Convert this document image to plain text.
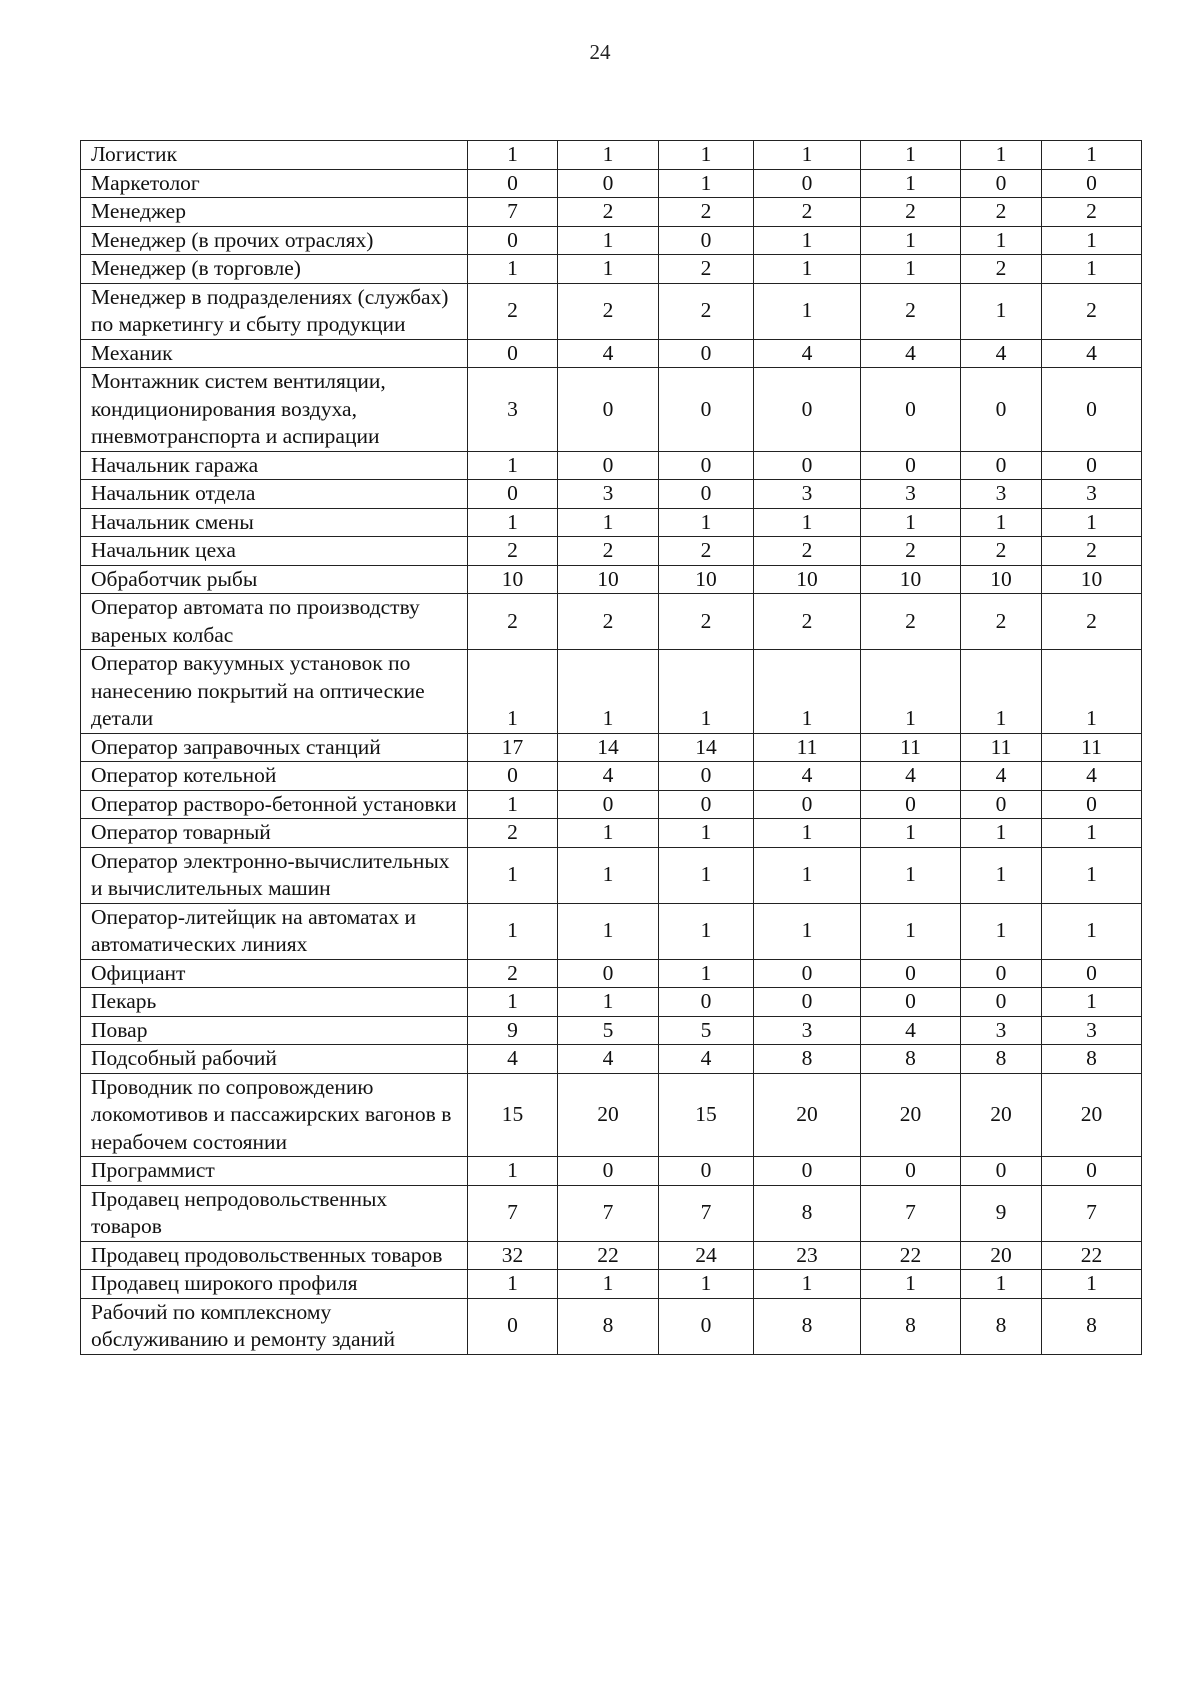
24
Логистик	1	1	1	1	1	1	1
Маркетолог	0	0	1	0	1	0	0
Менеджер	7	2	2	2	2	2	2
Менеджер (в прочих отраслях)	0	1	0	1	1	1	1
Менеджер (в торговле)	1	1	2	1	1	2	1
Менеджер в подразделениях (службах) по маркетингу и сбыту продукции	2	2	2	1	2	1	2
Механик	0	4	0	4	4	4	4
Монтажник систем вентиляции, кондиционирования воздуха, пневмотранспорта и аспирации	3	0	0	0	0	0	0
Начальник гаража	1	0	0	0	0	0	0
Начальник отдела	0	3	0	3	3	3	3
Начальник смены	1	1	1	1	1	1	1
Начальник цеха	2	2	2	2	2	2	2
Обработчик рыбы	10	10	10	10	10	10	10
Оператор автомата по производству вареных колбас	2	2	2	2	2	2	2
Оператор вакуумных установок по нанесению покрытий на оптические детали	1	1	1	1	1	1	1
Оператор заправочных станций	17	14	14	11	11	11	11
Оператор котельной	0	4	0	4	4	4	4
Оператор растворо-бетонной установки	1	0	0	0	0	0	0
Оператор товарный	2	1	1	1	1	1	1
Оператор электронно-вычислительных и вычислительных машин	1	1	1	1	1	1	1
Оператор-литейщик на автоматах и автоматических линиях	1	1	1	1	1	1	1
Официант	2	0	1	0	0	0	0
Пекарь	1	1	0	0	0	0	1
Повар	9	5	5	3	4	3	3
Подсобный рабочий	4	4	4	8	8	8	8
Проводник по сопровождению локомотивов и пассажирских вагонов в нерабочем состоянии	15	20	15	20	20	20	20
Программист	1	0	0	0	0	0	0
Продавец непродовольственных товаров	7	7	7	8	7	9	7
Продавец продовольственных товаров	32	22	24	23	22	20	22
Продавец широкого профиля	1	1	1	1	1	1	1
Рабочий по комплексному обслуживанию и ремонту зданий	0	8	0	8	8	8	8
